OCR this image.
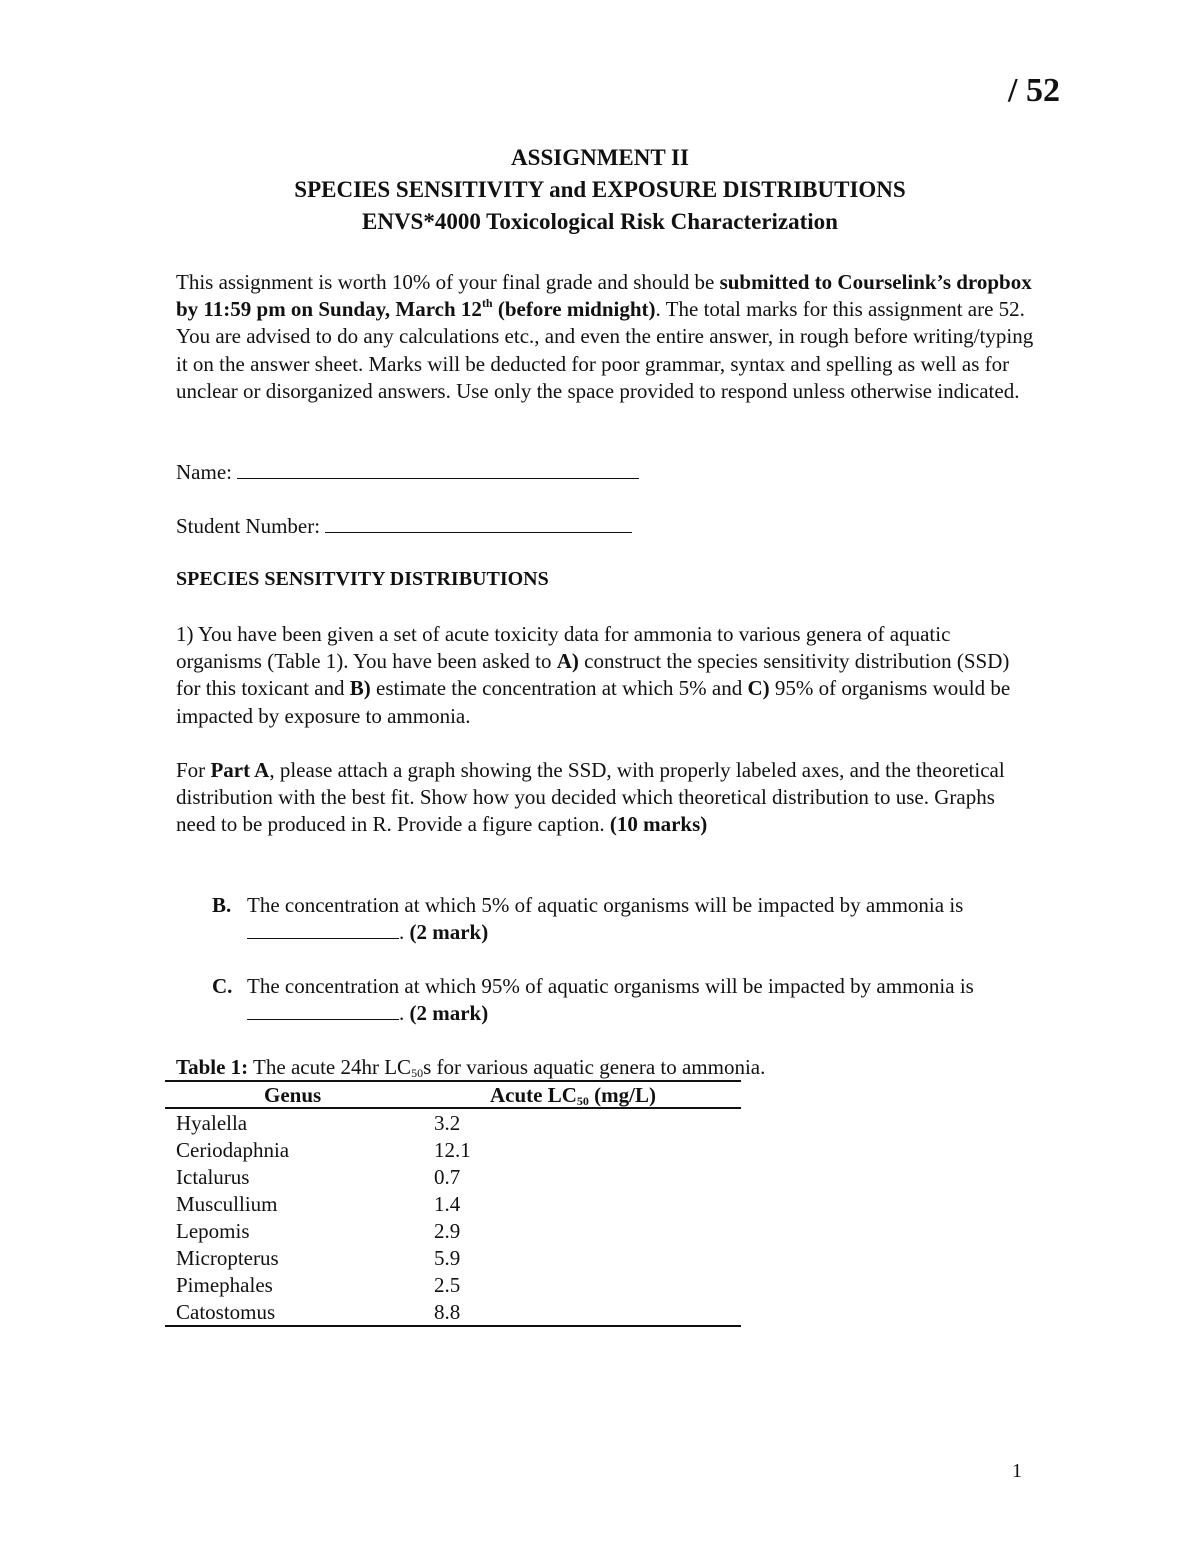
/ 52
ASSIGNMENT II
SPECIES SENSITIVITY and EXPOSURE DISTRIBUTIONS
ENVS*4000 Toxicological Risk Characterization
This assignment is worth 10% of your final grade and should be submitted to Courselink’s dropbox by 11:59 pm on Sunday, March 12th (before midnight). The total marks for this assignment are 52. You are advised to do any calculations etc., and even the entire answer, in rough before writing/typing it on the answer sheet. Marks will be deducted for poor grammar, syntax and spelling as well as for unclear or disorganized answers. Use only the space provided to respond unless otherwise indicated.
Name:
Student Number:
SPECIES SENSITVITY DISTRIBUTIONS
1) You have been given a set of acute toxicity data for ammonia to various genera of aquatic organisms (Table 1). You have been asked to A) construct the species sensitivity distribution (SSD) for this toxicant and B) estimate the concentration at which 5% and C) 95% of organisms would be impacted by exposure to ammonia.
For Part A, please attach a graph showing the SSD, with properly labeled axes, and the theoretical distribution with the best fit. Show how you decided which theoretical distribution to use. Graphs need to be produced in R. Provide a figure caption. (10 marks)
B. The concentration at which 5% of aquatic organisms will be impacted by ammonia is . (2 mark)
C. The concentration at which 95% of aquatic organisms will be impacted by ammonia is . (2 mark)
Table 1: The acute 24hr $LC_{50}s$ for various aquatic genera to ammonia.
Genus	Acute $LC_{50}$ (mg/L)
Hyalella	3.2
Ceriodaphnia	12.1
Ictalurus	0.7
Muscullium	1.4
Lepomis	2.9
Micropterus	5.9
Pimephales	2.5
Catostomus	8.8
1
